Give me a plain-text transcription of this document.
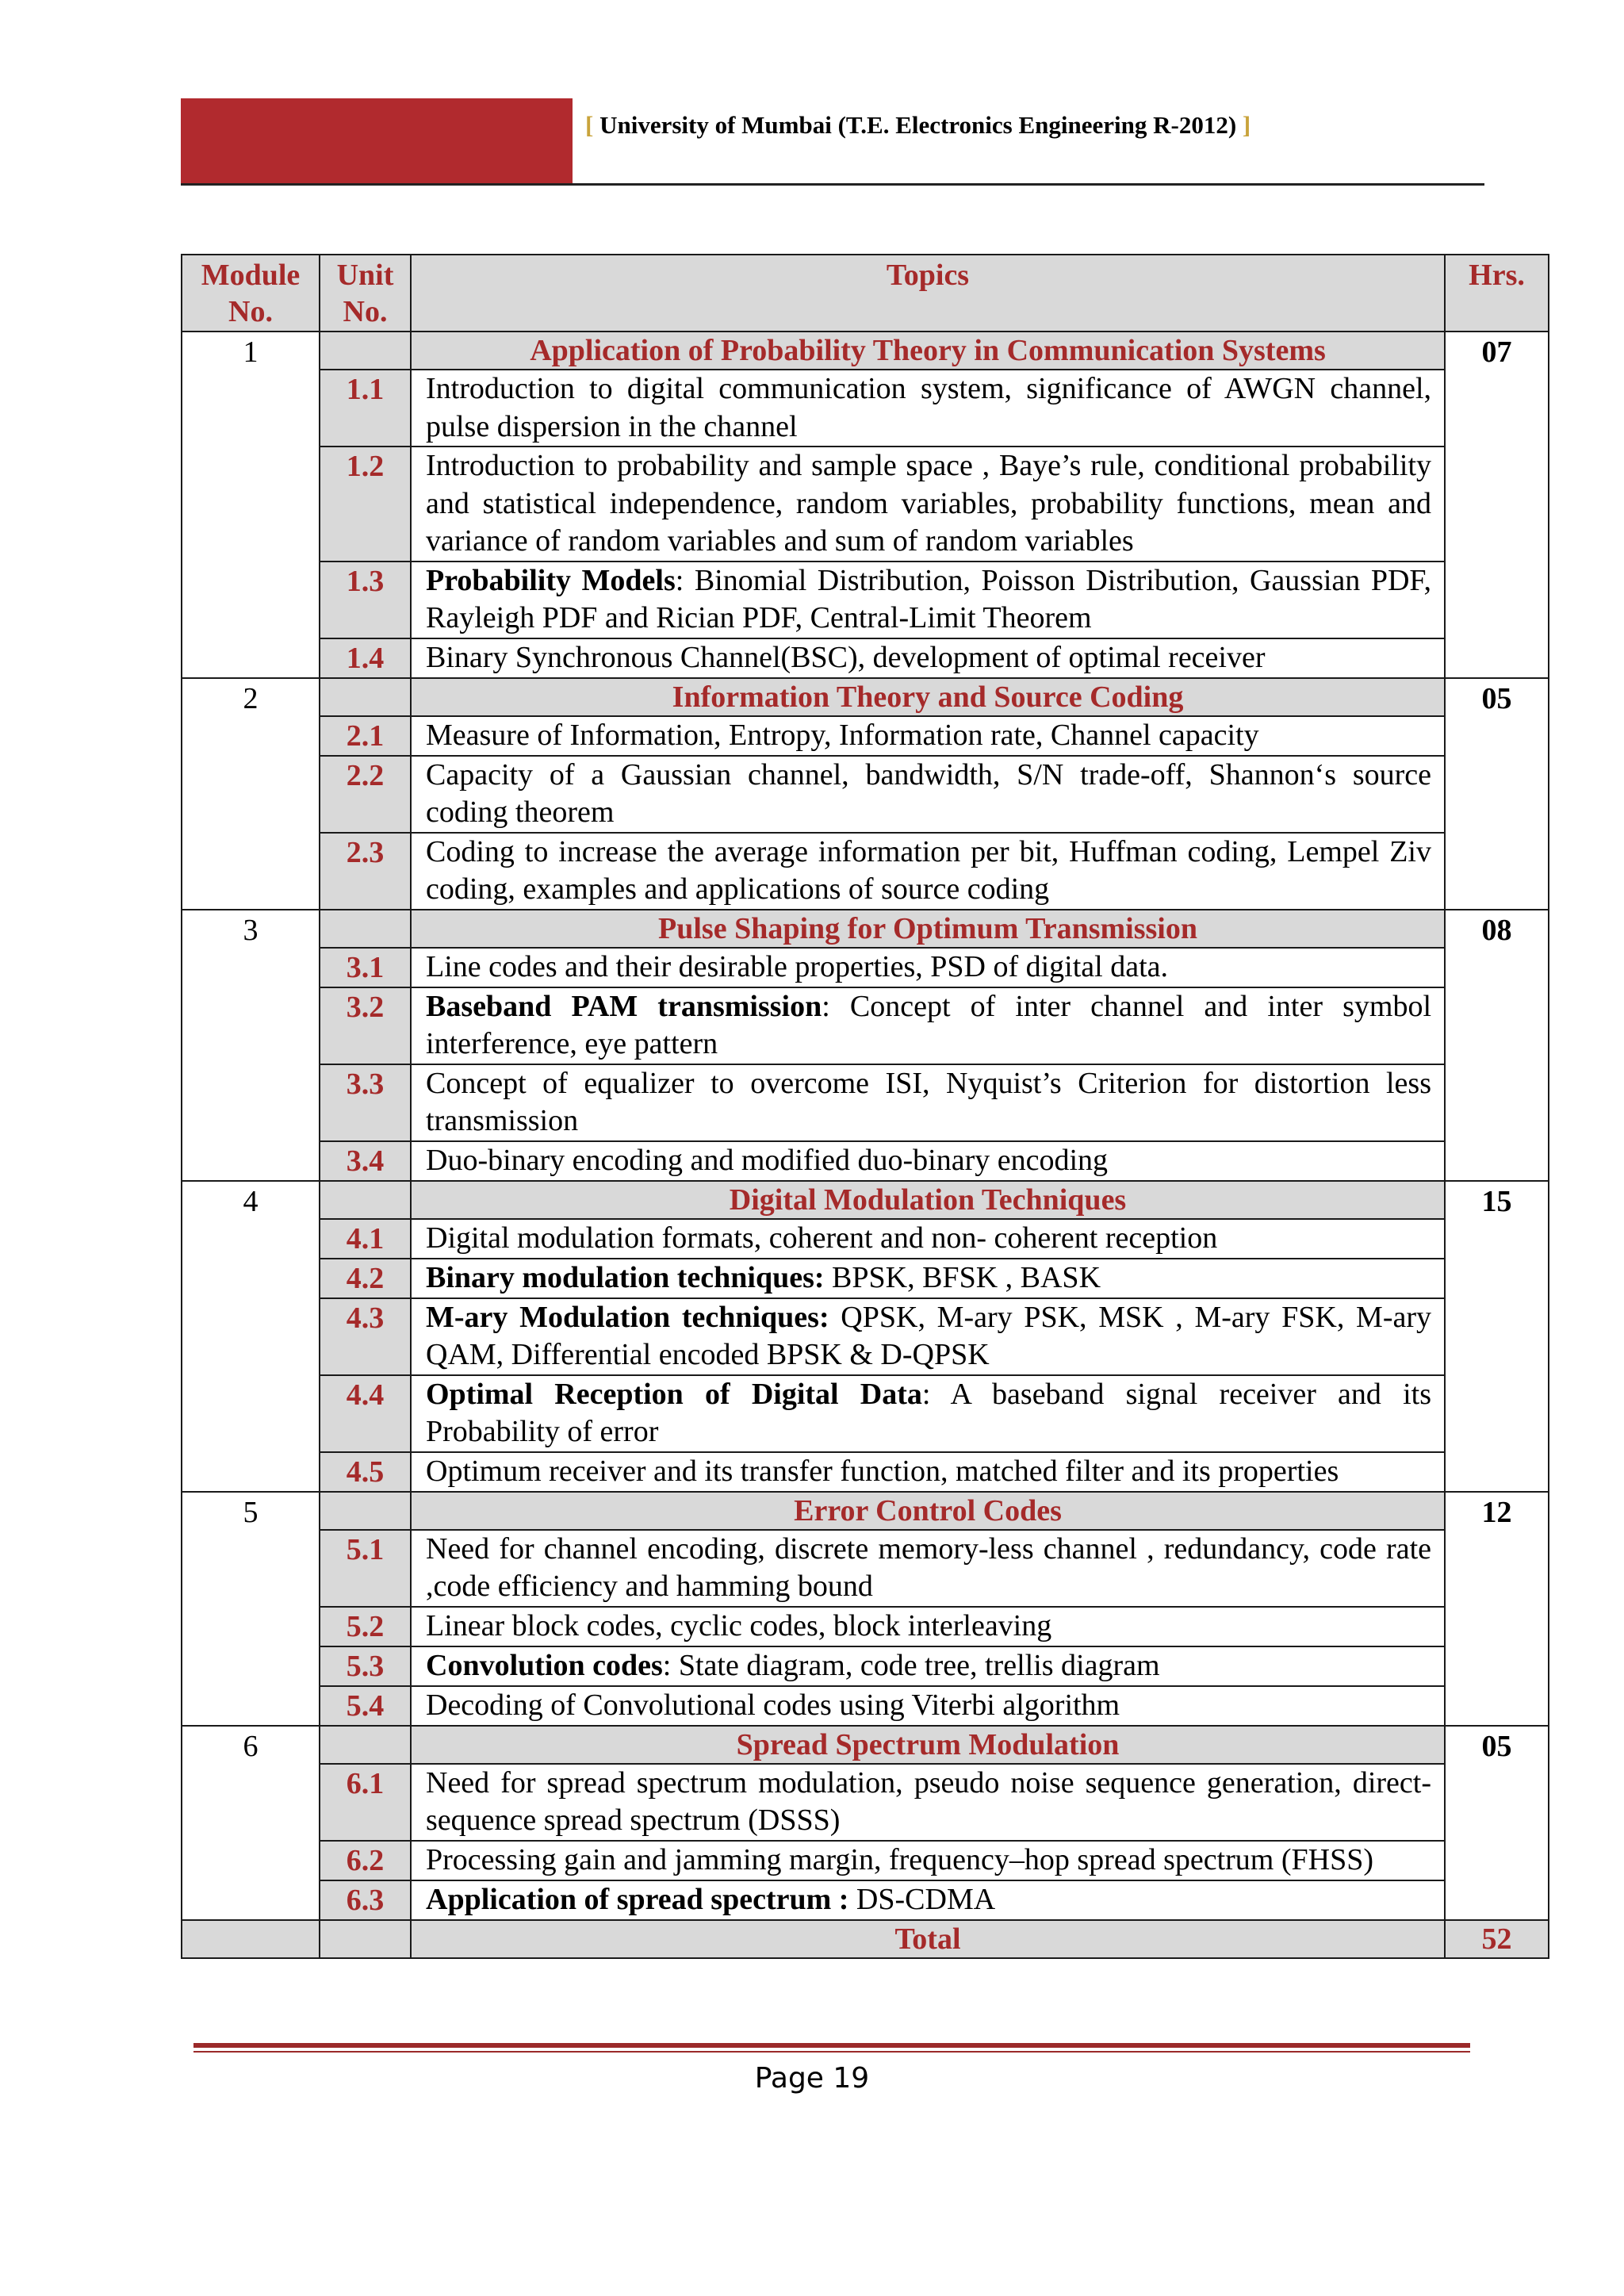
[ University of Mumbai (T.E. Electronics Engineering R-2012) ]
Module No.	Unit No.	Topics	Hrs.
1		Application of Probability Theory in Communication Systems	07
	1.1	Introduction to digital communication system, significance of AWGN channel, pulse dispersion in the channel	
	1.2	Introduction to probability and sample space , Baye’s rule, conditional probability and statistical independence, random variables, probability functions, mean and variance of random variables and sum of random variables	
	1.3	Probability Models: Binomial Distribution, Poisson Distribution, Gaussian PDF, Rayleigh PDF and Rician PDF, Central-Limit Theorem	
	1.4	Binary Synchronous Channel(BSC), development of optimal receiver	
2		Information Theory and Source Coding	05
	2.1	Measure of Information, Entropy, Information rate, Channel capacity	
	2.2	Capacity of a Gaussian channel, bandwidth, S/N trade-off, Shannon‘s source coding theorem	
	2.3	Coding to increase the average information per bit, Huffman coding, Lempel Ziv coding, examples and applications of source coding	
3		Pulse Shaping for Optimum Transmission	08
	3.1	Line codes and their desirable properties, PSD of digital data.	
	3.2	Baseband PAM transmission: Concept of inter channel and inter symbol interference, eye pattern	
	3.3	Concept of equalizer to overcome ISI, Nyquist’s Criterion for distortion less transmission	
	3.4	Duo-binary encoding and modified duo-binary encoding	
4		Digital Modulation Techniques	15
	4.1	Digital modulation formats, coherent and non- coherent reception	
	4.2	Binary modulation techniques: BPSK, BFSK , BASK	
	4.3	M-ary Modulation techniques: QPSK, M-ary PSK, MSK , M-ary FSK, M-ary QAM, Differential encoded BPSK & D-QPSK	
	4.4	Optimal Reception of Digital Data: A baseband signal receiver and its Probability of error	
	4.5	Optimum receiver and its transfer function, matched filter and its properties	
5		Error Control Codes	12
	5.1	Need for channel encoding, discrete memory-less channel , redundancy, code rate ,code efficiency and hamming bound	
	5.2	Linear block codes, cyclic codes, block interleaving	
	5.3	Convolution codes: State diagram, code tree, trellis diagram	
	5.4	Decoding of Convolutional codes using Viterbi algorithm	
6		Spread Spectrum Modulation	05
	6.1	Need for spread spectrum modulation, pseudo noise sequence generation, direct-sequence spread spectrum (DSSS)	
	6.2	Processing gain and jamming margin, frequency–hop spread spectrum (FHSS)	
	6.3	Application of spread spectrum : DS-CDMA	
		Total	52
Page 19
